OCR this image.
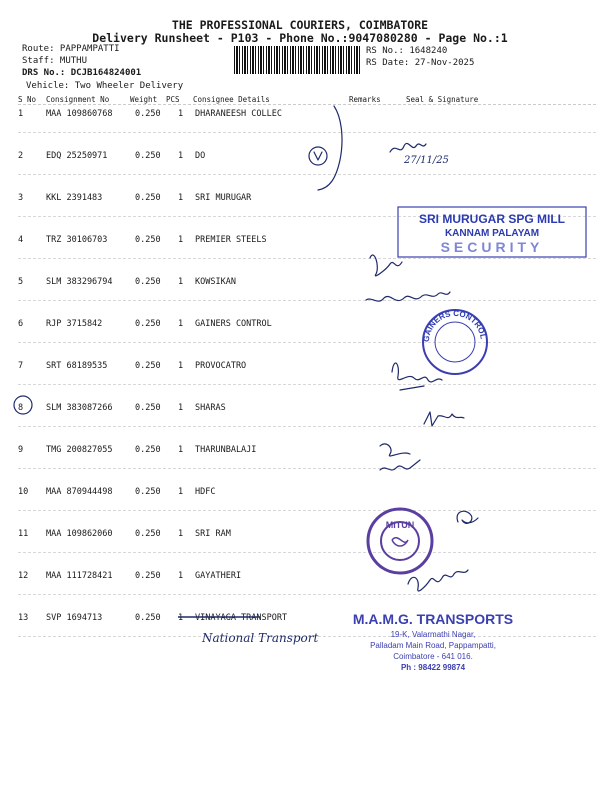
THE PROFESSIONAL COURIERS, COIMBATORE
Delivery Runsheet - P103 - Phone No.:9047080280 - Page No.:1
Route: PAPPAMPATTI
Staff: MUTHU
DRS No.: DCJB164824001
Vehicle: Two Wheeler Delivery
RS No.: 1648240
RS Date: 27-Nov-2025
S No Consignment No	Weight PCS Consignee Details	Remarks	Seal & Signature
1	MAA 109860768	0.250 1 DHARANEESH COLLEC
2	EDQ 25250971	0.250 1 DO
3	KKL 2391483	0.250 1 SRI MURUGAR
4	TRZ 30106703	0.250 1 PREMIER STEELS
5	SLM 383296794	0.250 1 KOWSIKAN
6	RJP 3715842	0.250 1 GAINERS CONTROL
7	SRT 68189535	0.250 1 PROVOCATRO
8	SLM 383087266	0.250 1 SHARAS
9	TMG 200827055	0.250 1 THARUNBALAJI
10 MAA 870944498	0.250 1 HDFC
11 MAA 109862060	0.250 1 SRI RAM
12 MAA 111728421	0.250 1 GAYATHERI
13 SVP 1694713	0.250 1 VINAYAGA TRANSPORT
27/11/25
National Transport
SRI MURUGAR SPG MILL
KANNAM PALAYAM
SECURITY
GAINERS CONTROL
MITUN
M.A.M.G. TRANSPORTS
19-K, Valarmathi Nagar,
Palladam Main Road, Pappampatti,
Coimbatore - 641 016.
Ph : 98422 99874
